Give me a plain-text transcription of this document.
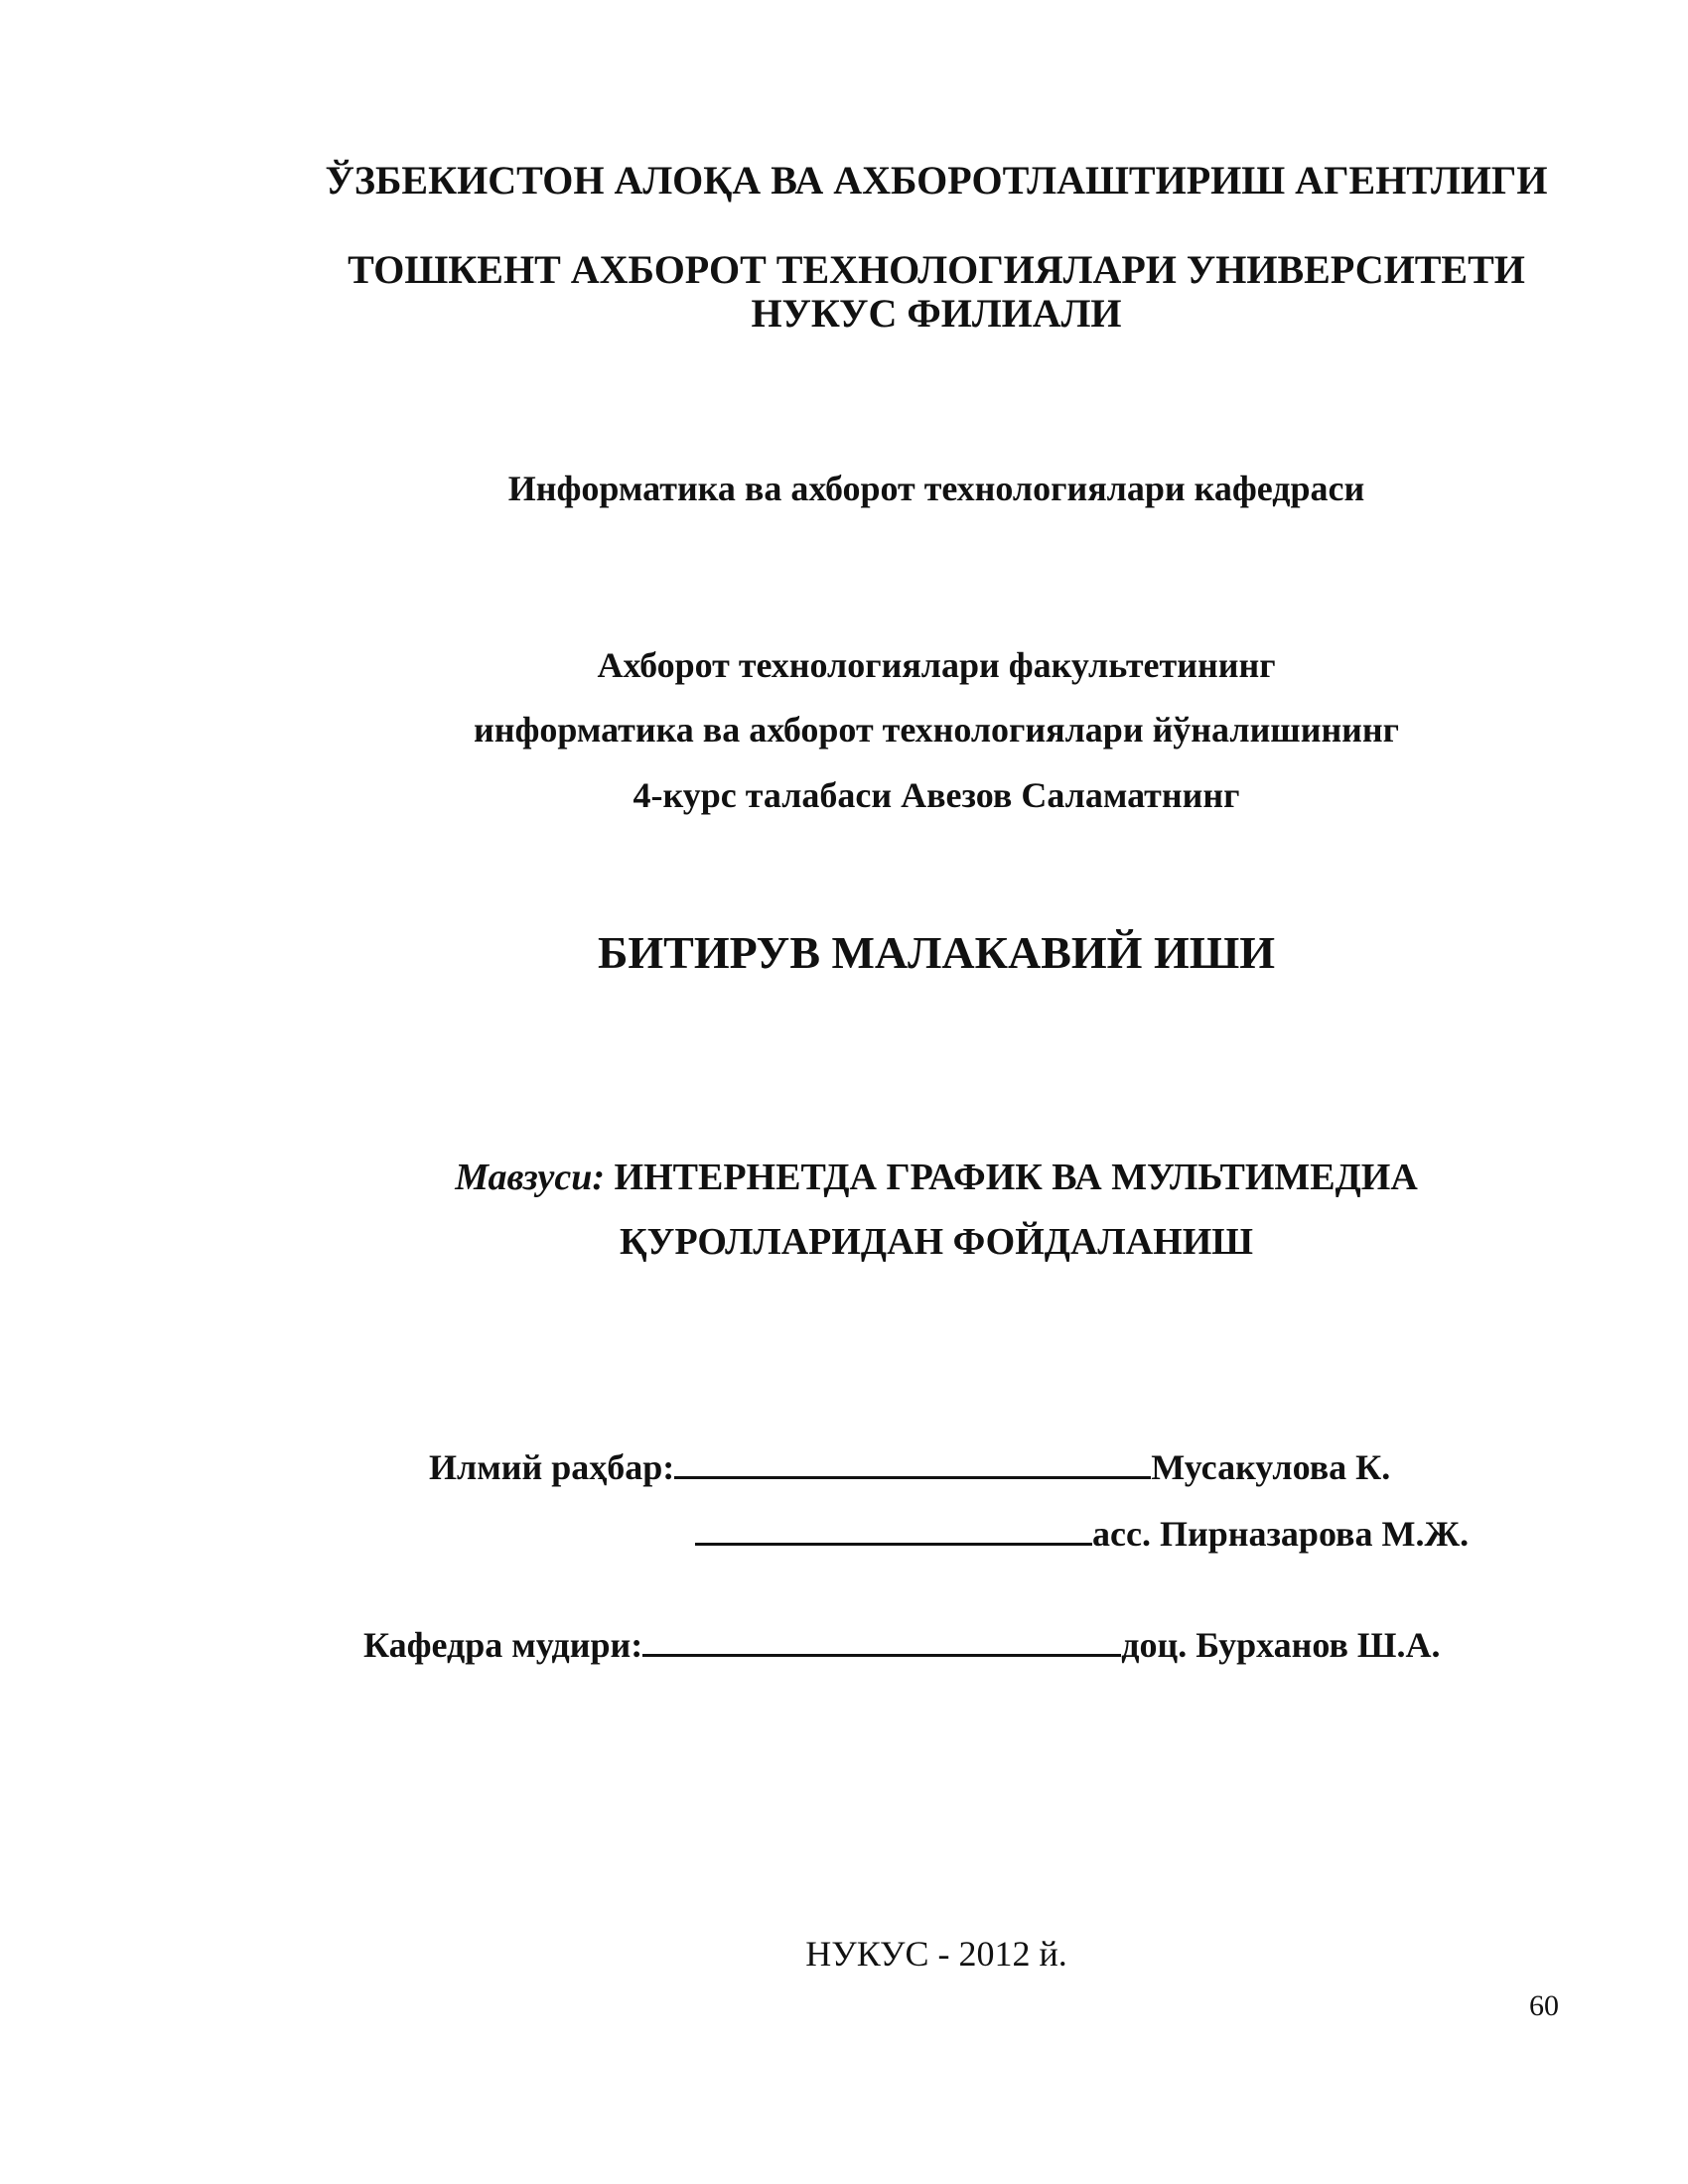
ЎЗБЕКИСТОН АЛОҚА ВА АХБОРОТЛАШТИРИШ АГЕНТЛИГИ
ТОШКЕНТ АХБОРОТ ТЕХНОЛОГИЯЛАРИ УНИВЕРСИТЕТИ
НУКУС ФИЛИАЛИ
Информатика ва ахборот технологиялари кафедраси
Ахборот технологиялари факультетининг
информатика ва ахборот технологиялари йўналишининг
4-курс талабаси Авезов Саламатнинг
БИТИРУВ МАЛАКАВИЙ ИШИ
Мавзуси: ИНТЕРНЕТДА ГРАФИК ВА МУЛЬТИМЕДИА
ҚУРОЛЛАРИДАН ФОЙДАЛАНИШ
Илмий раҳбар:	Мусакулова К.
асс. Пирназарова М.Ж.
Кафедра мудири:	доц. Бурханов Ш.А.
НУКУС - 2012 й.
60
